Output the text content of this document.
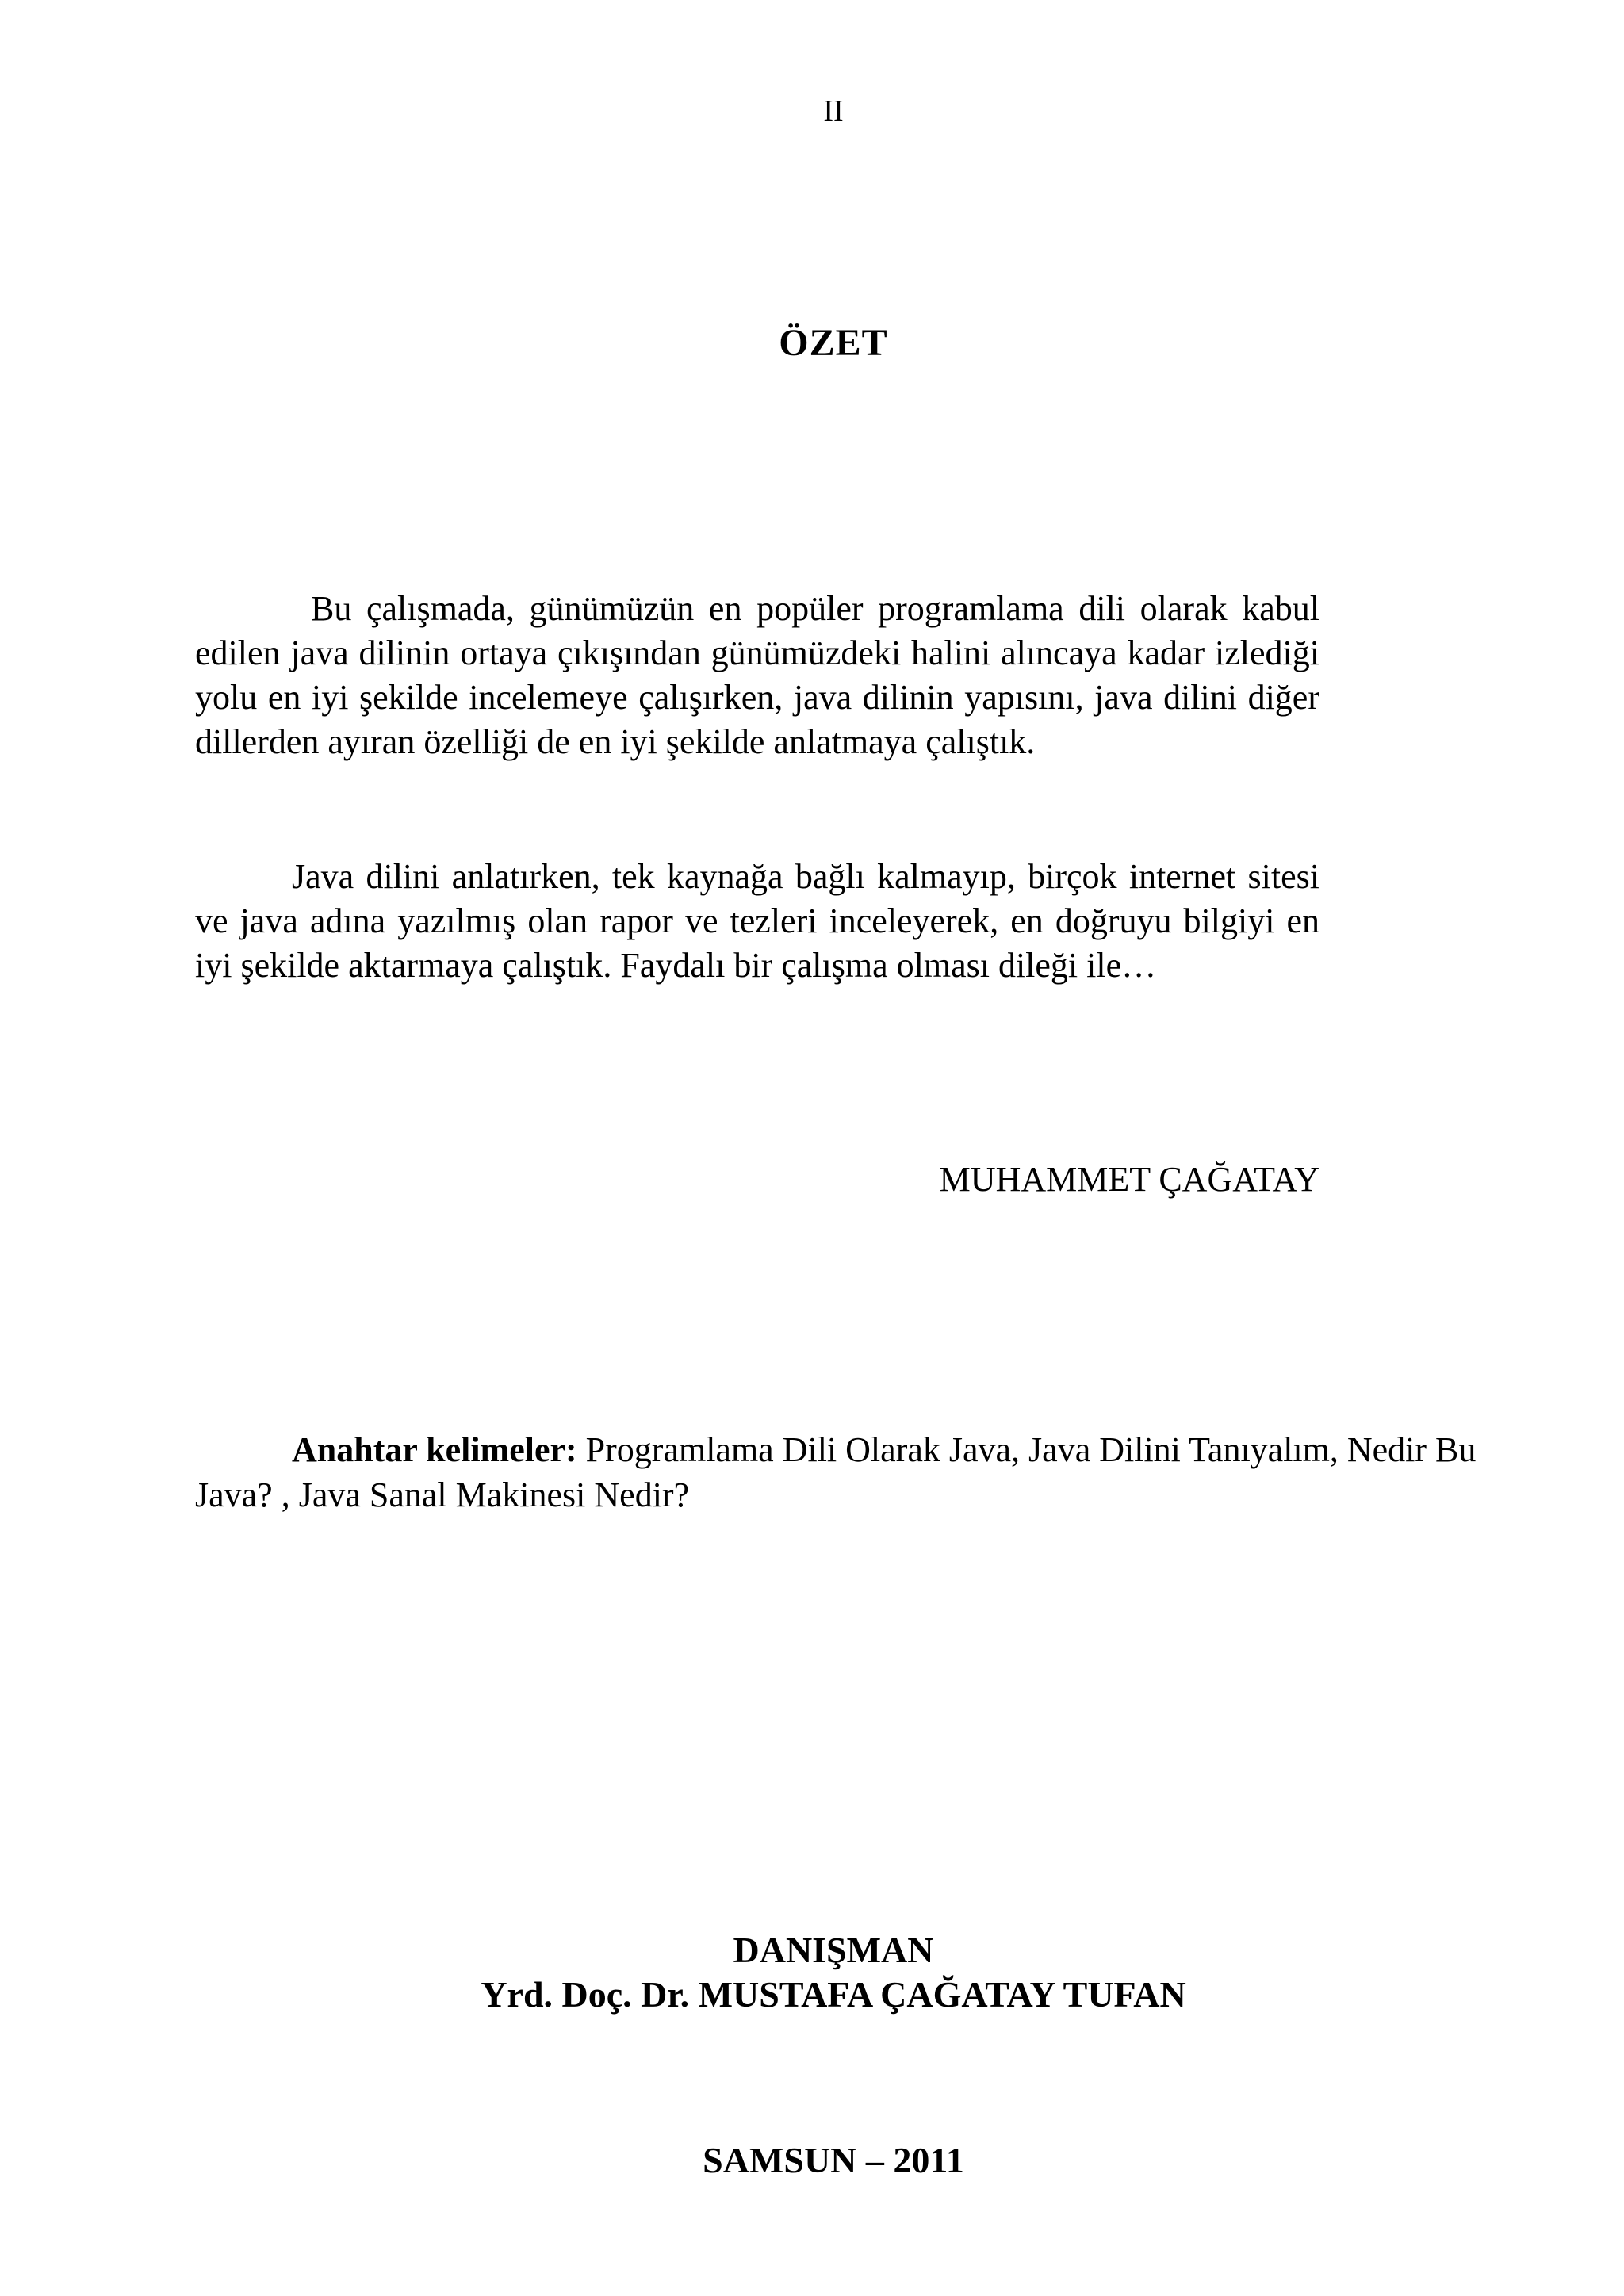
II
ÖZET

Bu çalışmada, günümüzün en popüler programlama dili olarak kabul edilen java dilinin ortaya çıkışından günümüzdeki halini alıncaya kadar izlediği yolu en iyi şekilde incelemeye çalışırken, java dilinin yapısını, java dilini diğer dillerden ayıran özelliği de en iyi şekilde anlatmaya çalıştık.

Java dilini anlatırken, tek kaynağa bağlı kalmayıp, birçok internet sitesi ve java adına yazılmış olan rapor ve tezleri inceleyerek, en doğruyu bilgiyi en iyi şekilde aktarmaya çalıştık. Faydalı bir çalışma olması dileği ile…

MUHAMMET ÇAĞATAY

Anahtar kelimeler: Programlama Dili Olarak Java, Java Dilini Tanıyalım, Nedir Bu Java? , Java Sanal Makinesi Nedir?

DANIŞMAN
Yrd. Doç. Dr. MUSTAFA ÇAĞATAY TUFAN
SAMSUN – 2011
